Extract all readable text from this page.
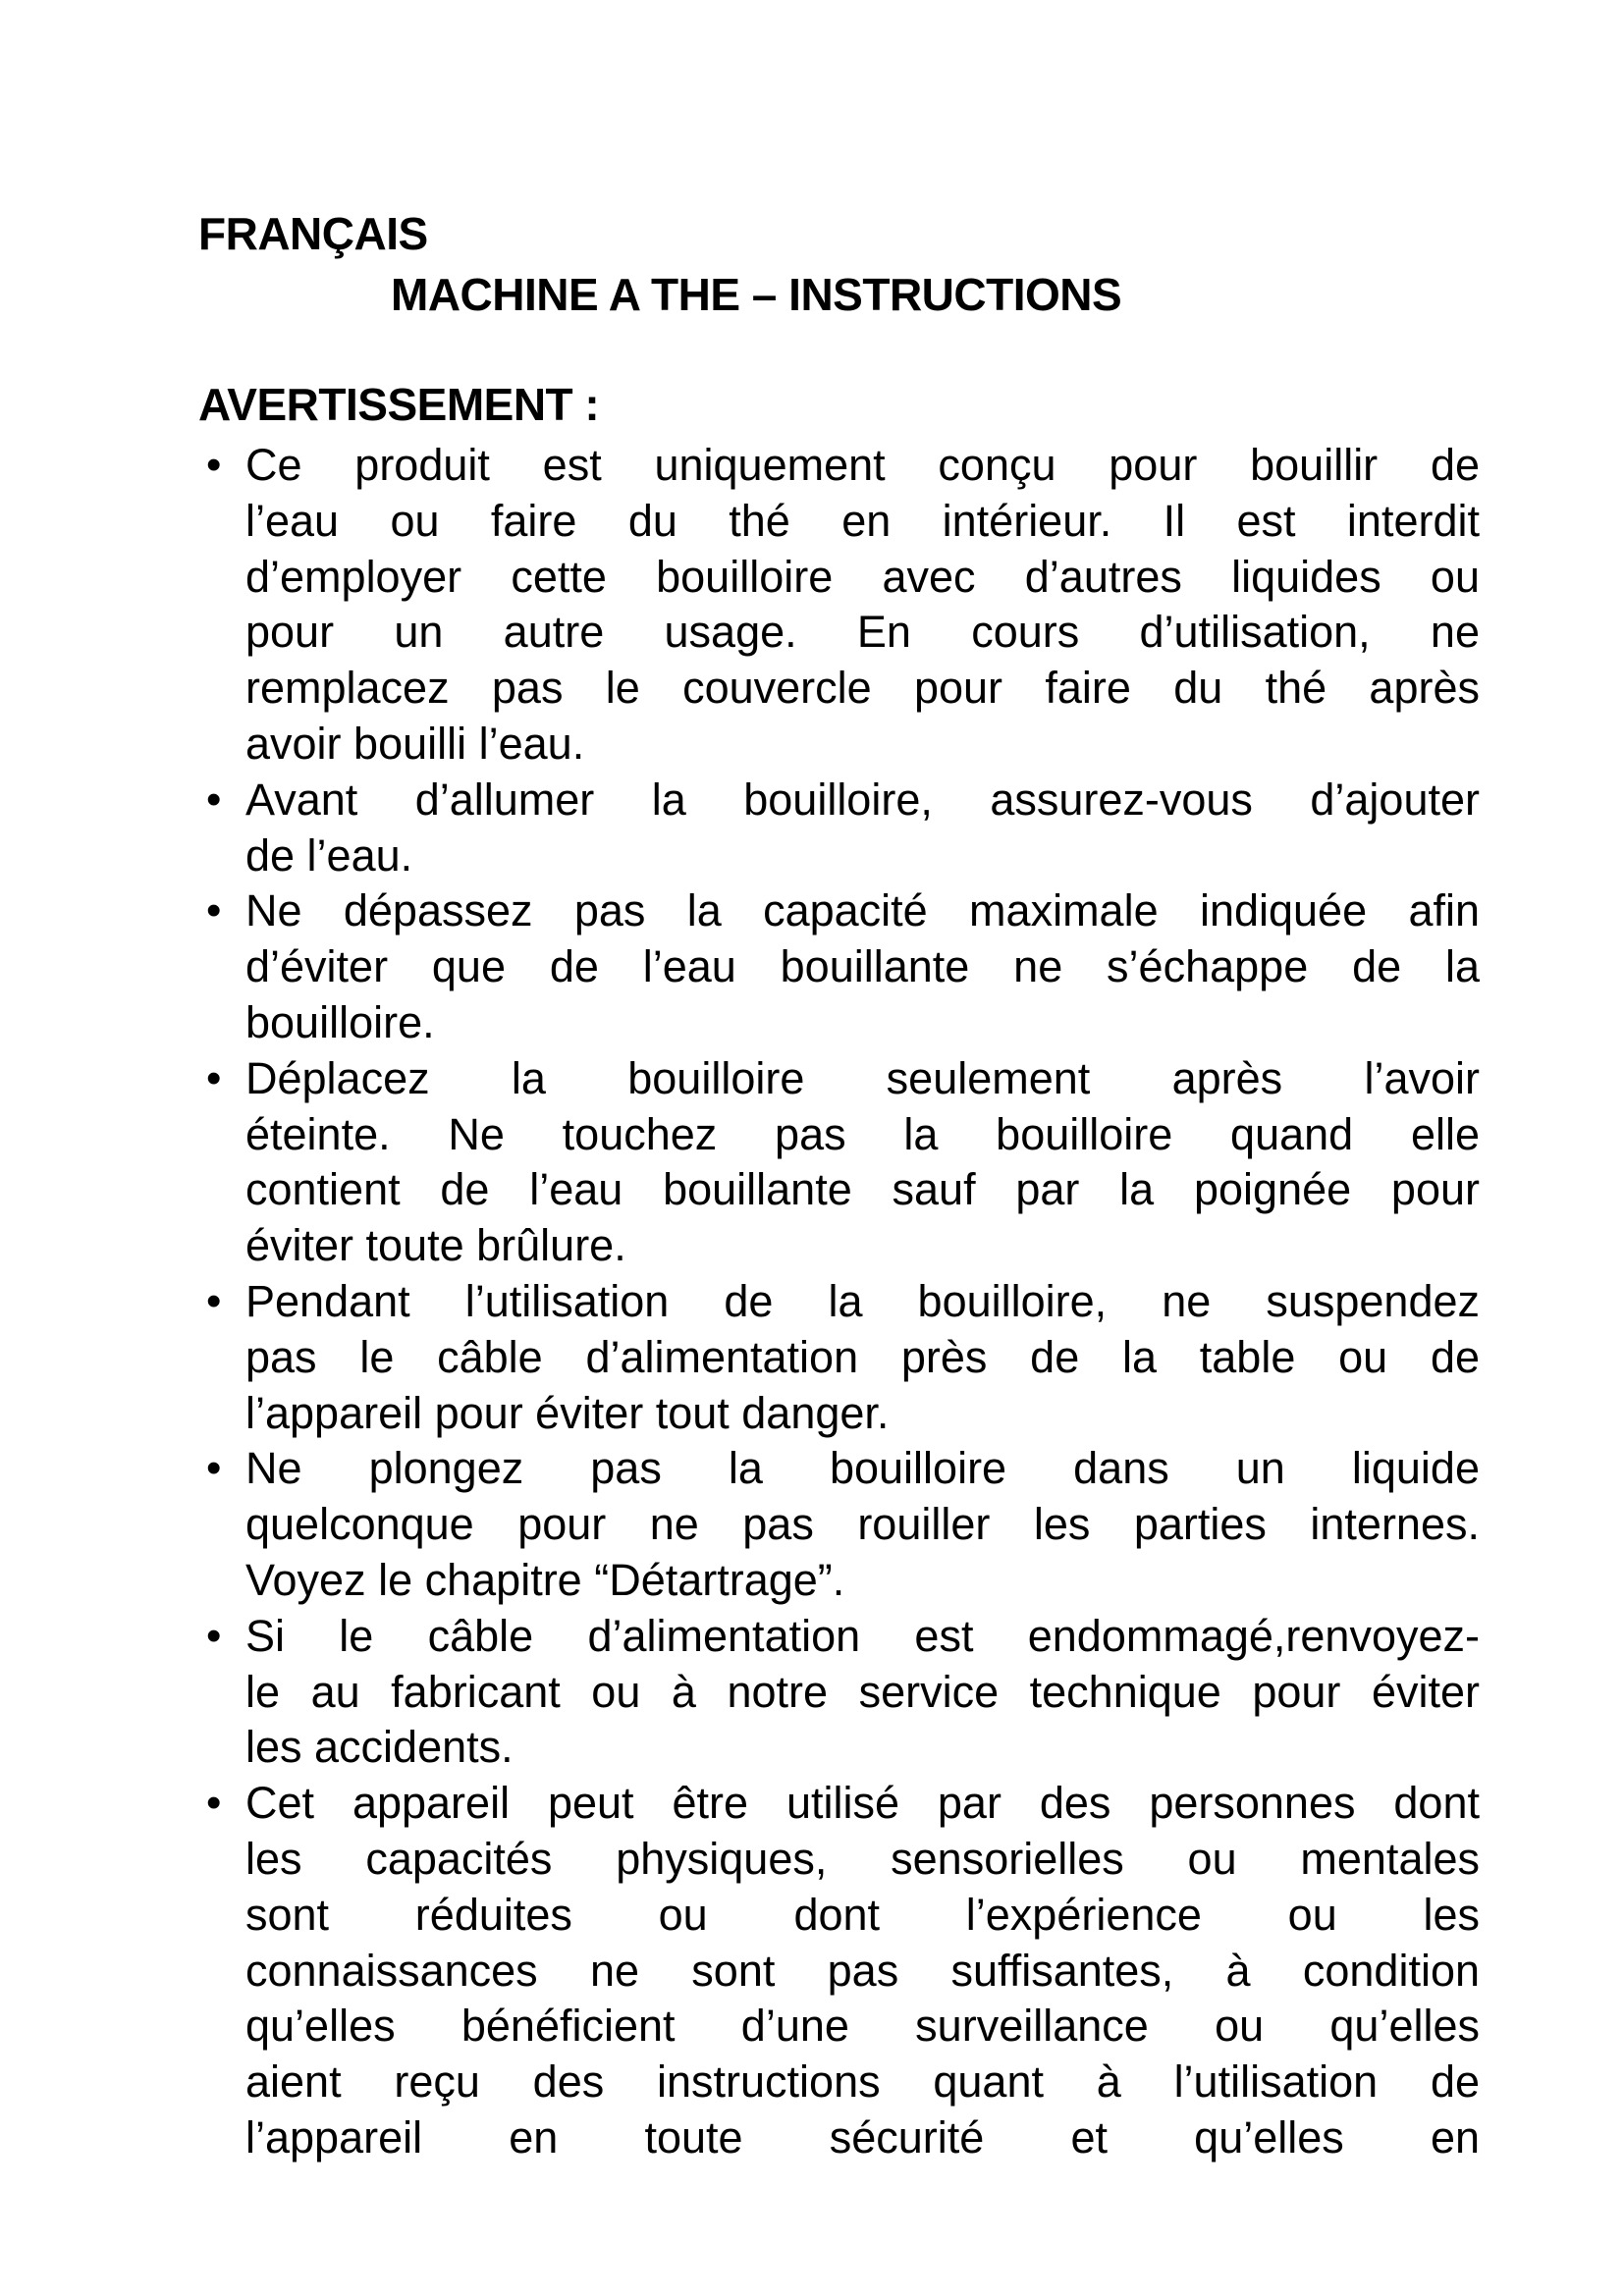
FRANÇAIS
MACHINE A THE – INSTRUCTIONS
AVERTISSEMENT :
• Ce produit est uniquement conçu pour bouillir de
l’eau ou faire du thé en intérieur. Il est interdit
d’employer cette bouilloire avec d’autres liquides ou
pour un autre usage. En cours d’utilisation, ne
remplacez pas le couvercle pour faire du thé après
avoir bouilli l’eau.
• Avant d’allumer la bouilloire, assurez-vous d’ajouter
de l’eau.
• Ne dépassez pas la capacité maximale indiquée afin
d’éviter que de l’eau bouillante ne s’échappe de la
bouilloire.
• Déplacez la bouilloire seulement après l’avoir
éteinte. Ne touchez pas la bouilloire quand elle
contient de l’eau bouillante sauf par la poignée pour
éviter toute brûlure.
• Pendant l’utilisation de la bouilloire, ne suspendez
pas le câble d’alimentation près de la table ou de
l’appareil pour éviter tout danger.
• Ne plongez pas la bouilloire dans un liquide
quelconque pour ne pas rouiller les parties internes.
Voyez le chapitre “Détartrage”.
• Si le câble d’alimentation est endommagé,renvoyez-
le au fabricant ou à notre service technique pour éviter
les accidents.
• Cet appareil peut être utilisé par des personnes dont
les capacités physiques, sensorielles ou mentales
sont réduites ou dont l’expérience ou les
connaissances ne sont pas suffisantes, à condition
qu’elles bénéficient d’une surveillance ou qu’elles
aient reçu des instructions quant à l’utilisation de
l’appareil en toute sécurité et qu’elles en
